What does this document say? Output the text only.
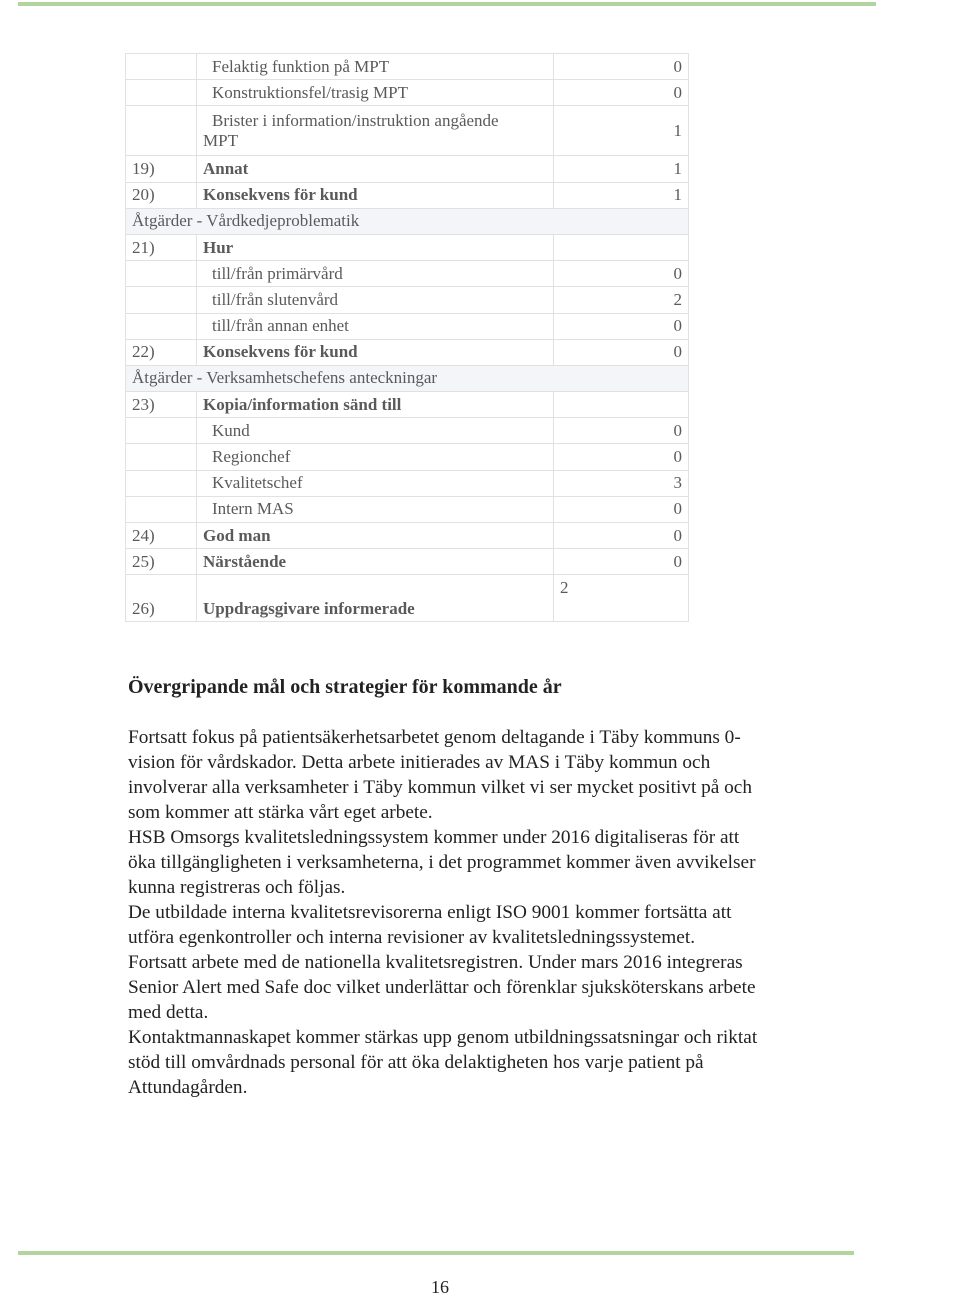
	Felaktig funktion på MPT	0
	Konstruktionsfel/trasig MPT	0
	Brister i information/instruktion angående
MPT	1
19)	Annat	1
20)	Konsekvens för kund	1
Åtgärder - Vårdkedjeproblematik		
21)	Hur	
	till/från primärvård	0
	till/från slutenvård	2
	till/från annan enhet	0
22)	Konsekvens för kund	0
Åtgärder - Verksamhetschefens anteckningar		
23)	Kopia/information sänd till	
	Kund	0
	Regionchef	0
	Kvalitetschef	3
	Intern MAS	0
24)	God man	0
25)	Närstående	0
26)	Uppdragsgivare informerade	2
Övergripande mål och strategier för kommande år

Fortsatt fokus på patientsäkerhetsarbetet genom deltagande i Täby kommuns 0-vision för vårdskador. Detta arbete initierades av MAS i Täby kommun och involverar alla verksamheter i Täby kommun vilket vi ser mycket positivt på och som kommer att stärka vårt eget arbete.

HSB Omsorgs kvalitetsledningssystem kommer under 2016 digitaliseras för att öka tillgängligheten i verksamheterna, i det programmet kommer även avvikelser kunna registreras och följas.

De utbildade interna kvalitetsrevisorerna enligt ISO 9001 kommer fortsätta att utföra egenkontroller och interna revisioner av kvalitetsledningssystemet.

Fortsatt arbete med de nationella kvalitetsregistren. Under mars 2016 integreras Senior Alert med Safe doc vilket underlättar och förenklar sjuksköterskans arbete med detta.

Kontaktmannaskapet kommer stärkas upp genom utbildningssatsningar och riktat stöd till omvårdnads personal för att öka delaktigheten hos varje patient på Attundagården.

16
